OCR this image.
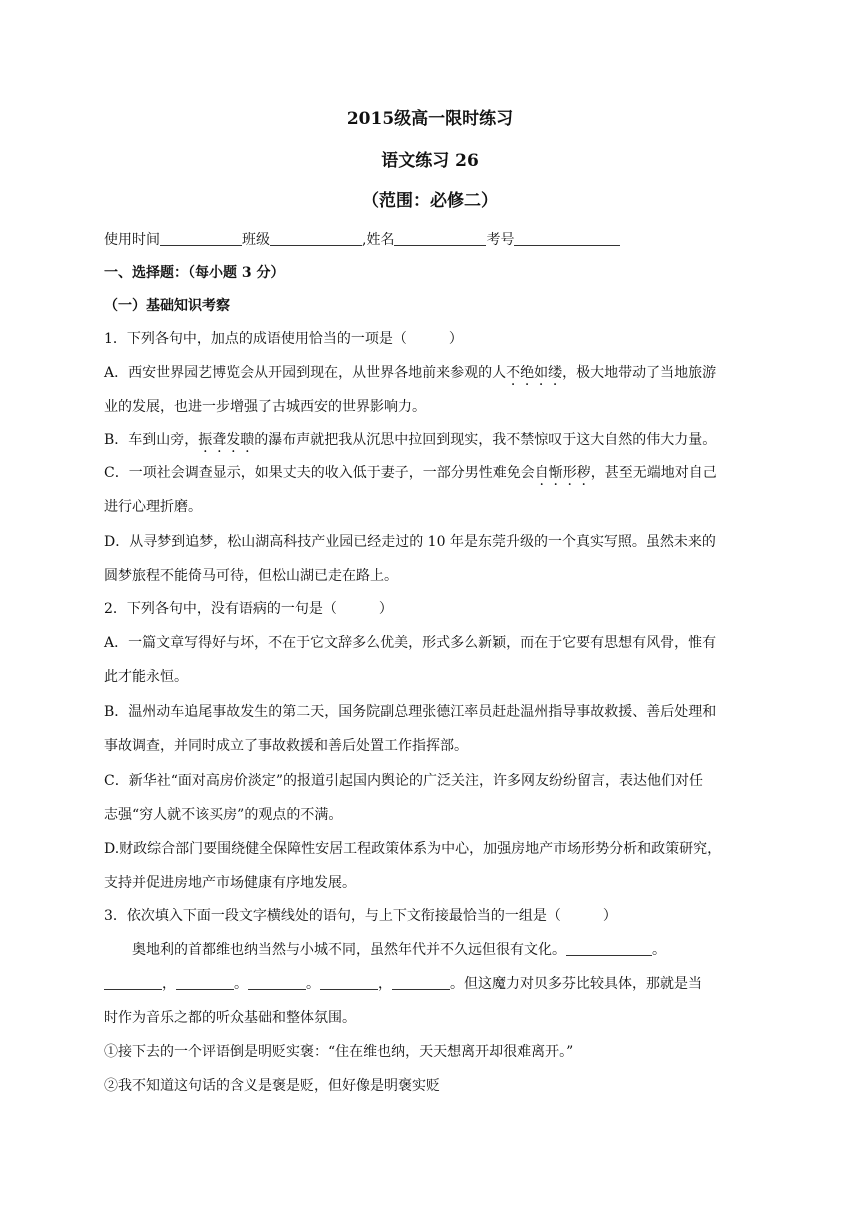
2015级高一限时练习
语文练习 26
（范围：必修二）
使用时间	班级	,姓名	考号
一、选择题：（每小题 3 分）
（一）基础知识考察
1．下列各句中，加点的成语使用恰当的一项是（　　　）
A．西安世界园艺博览会从开园到现在，从世界各地前来参观的人不绝如缕，极大地带动了当地旅游
业的发展，也进一步增强了古城西安的世界影响力。
B．车到山旁，振聋发聩的瀑布声就把我从沉思中拉回到现实，我不禁惊叹于这大自然的伟大力量。
C．一项社会调查显示，如果丈夫的收入低于妻子，一部分男性难免会自惭形秽，甚至无端地对自己
进行心理折磨。
D．从寻梦到追梦，松山湖高科技产业园已经走过的 10 年是东莞升级的一个真实写照。虽然未来的
圆梦旅程不能倚马可待，但松山湖已走在路上。
2．下列各句中，没有语病的一句是（　　　）
A．一篇文章写得好与坏，不在于它文辞多么优美，形式多么新颖，而在于它要有思想有风骨，惟有
此才能永恒。
B．温州动车追尾事故发生的第二天，国务院副总理张德江率员赶赴温州指导事故救援、善后处理和
事故调查，并同时成立了事故救援和善后处置工作指挥部。
C．新华社“面对高房价淡定”的报道引起国内舆论的广泛关注，许多网友纷纷留言，表达他们对任
志强“穷人就不该买房”的观点的不满。
D.财政综合部门要围绕健全保障性安居工程政策体系为中心，加强房地产市场形势分析和政策研究，
支持并促进房地产市场健康有序地发展。
3．依次填入下面一段文字横线处的语句，与上下文衔接最恰当的一组是（　　　）
奥地利的首都维也纳当然与小城不同，虽然年代并不久远但很有文化。	。
，	。	。	，	。但这魔力对贝多芬比较具体，那就是当
时作为音乐之都的听众基础和整体氛围。
①接下去的一个评语倒是明贬实褒：“住在维也纳，天天想离开却很难离开。”
②我不知道这句话的含义是褒是贬，但好像是明褒实贬
